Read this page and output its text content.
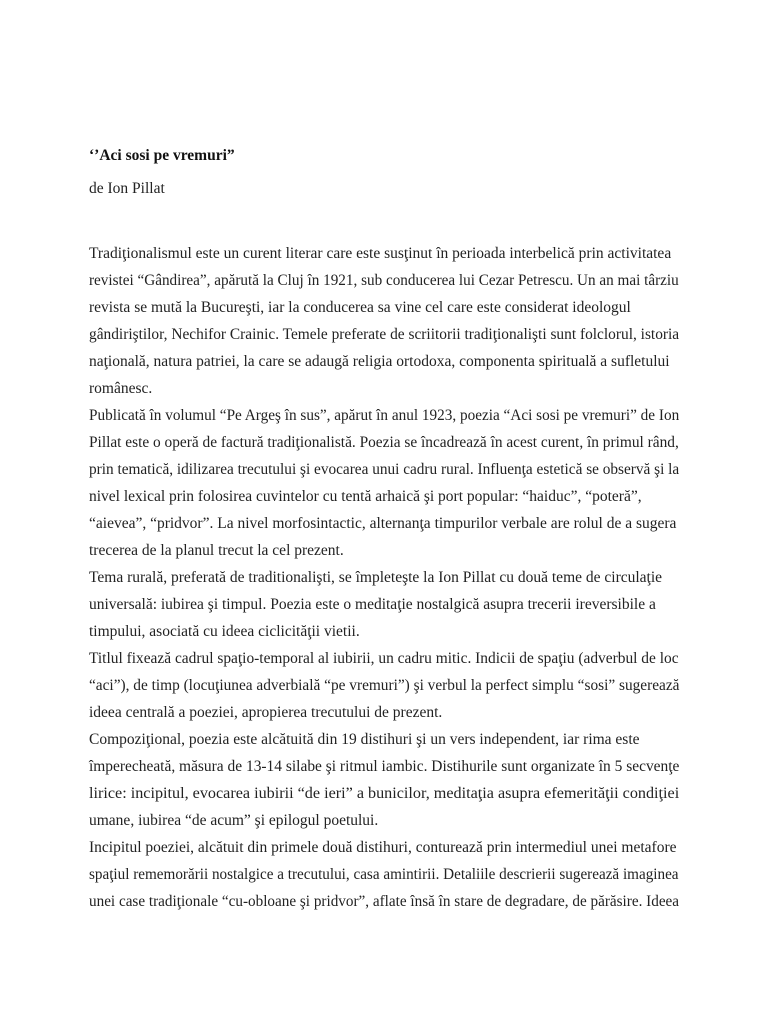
‘’Aci sosi pe vremuri”
de Ion Pillat
Tradiţionalismul este un curent literar care este susţinut în perioada interbelică prin activitatea
revistei “Gândirea”, apărută la Cluj în 1921, sub conducerea lui Cezar Petrescu. Un an mai târziu
revista se mută la Bucureşti, iar la conducerea sa vine cel care este considerat ideologul
gândiriştilor, Nechifor Crainic. Temele preferate de scriitorii tradiţionalişti sunt folclorul, istoria
naţională, natura patriei, la care se adaugă religia ortodoxa, componenta spirituală a sufletului
românesc.
Publicată în volumul “Pe Argeş în sus”, apărut în anul 1923, poezia “Aci sosi pe vremuri” de Ion
Pillat este o operă de factură tradiţionalistă. Poezia se încadrează în acest curent, în primul rând,
prin tematică, idilizarea trecutului şi evocarea unui cadru rural. Influenţa estetică se observă şi la
nivel lexical prin folosirea cuvintelor cu tentă arhaică şi port popular: “haiduc”, “poteră”,
“aievea”, “pridvor”. La nivel morfosintactic, alternanţa timpurilor verbale are rolul de a sugera
trecerea de la planul trecut la cel prezent.
Tema rurală, preferată de traditionalişti, se împleteşte la Ion Pillat cu două teme de circulaţie
universală: iubirea şi timpul. Poezia este o meditaţie nostalgică asupra trecerii ireversibile a
timpului, asociată cu ideea ciclicităţii vietii.
Titlul fixează cadrul spaţio-temporal al iubirii, un cadru mitic. Indicii de spaţiu (adverbul de loc
“aci”), de timp (locuţiunea adverbială “pe vremuri”) şi verbul la perfect simplu “sosi” sugerează
ideea centrală a poeziei, apropierea trecutului de prezent.
Compoziţional, poezia este alcătuită din 19 distihuri şi un vers independent, iar rima este
împerecheată, măsura de 13-14 silabe şi ritmul iambic. Distihurile sunt organizate în 5 secvenţe
lirice: incipitul, evocarea iubirii “de ieri” a bunicilor, meditaţia asupra efemerităţii condiţiei
umane, iubirea “de acum” şi epilogul poetului.
Incipitul poeziei, alcătuit din primele două distihuri, conturează prin intermediul unei metafore
spaţiul rememorării nostalgice a trecutului, casa amintirii. Detaliile descrierii sugerează imaginea
unei case tradiţionale “cu-obloane şi pridvor”, aflate însă în stare de degradare, de părăsire. Ideea
